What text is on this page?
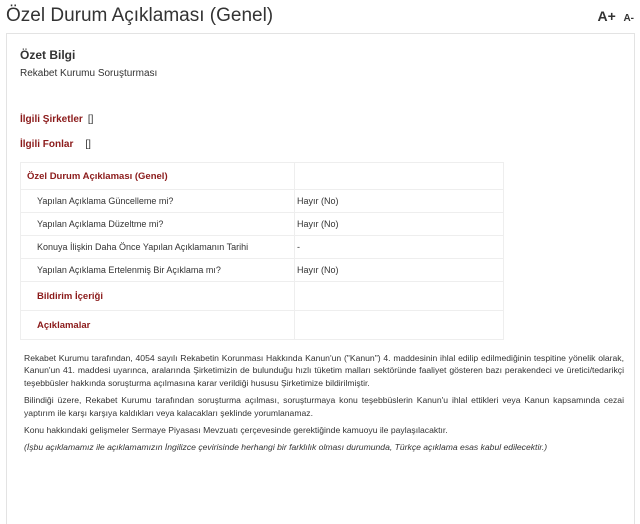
Özel Durum Açıklaması (Genel)	A+ A-
Özet Bilgi
Rekabet Kurumu Soruşturması
İlgili Şirketler []
İlgili Fonlar []
Özel Durum Açıklaması (Genel)	
Yapılan Açıklama Güncelleme mi?	Hayır (No)
Yapılan Açıklama Düzeltme mi?	Hayır (No)
Konuya İlişkin Daha Önce Yapılan Açıklamanın Tarihi	-
Yapılan Açıklama Ertelenmiş Bir Açıklama mı?	Hayır (No)
Bildirim İçeriği	
Açıklamalar	

Rekabet Kurumu tarafından, 4054 sayılı Rekabetin Korunması Hakkında Kanun'un ("Kanun") 4. maddesinin ihlal edilip edilmediğinin tespitine yönelik olarak, Kanun'un 41. maddesi uyarınca, aralarında Şirketimizin de bulunduğu hızlı tüketim malları sektöründe faaliyet gösteren bazı perakendeci ve üretici/tedarikçi teşebbüsler hakkında soruşturma açılmasına karar verildiği hususu Şirketimize bildirilmiştir.

Bilindiği üzere, Rekabet Kurumu tarafından soruşturma açılması, soruşturmaya konu teşebbüslerin Kanun'u ihlal ettikleri veya Kanun kapsamında cezai yaptırım ile karşı karşıya kaldıkları veya kalacakları şeklinde yorumlanamaz.

Konu hakkındaki gelişmeler Sermaye Piyasası Mevzuatı çerçevesinde gerektiğinde kamuoyu ile paylaşılacaktır.

(İşbu açıklamamız ile açıklamamızın İngilizce çevirisinde herhangi bir farklılık olması durumunda, Türkçe açıklama esas kabul edilecektir.)
